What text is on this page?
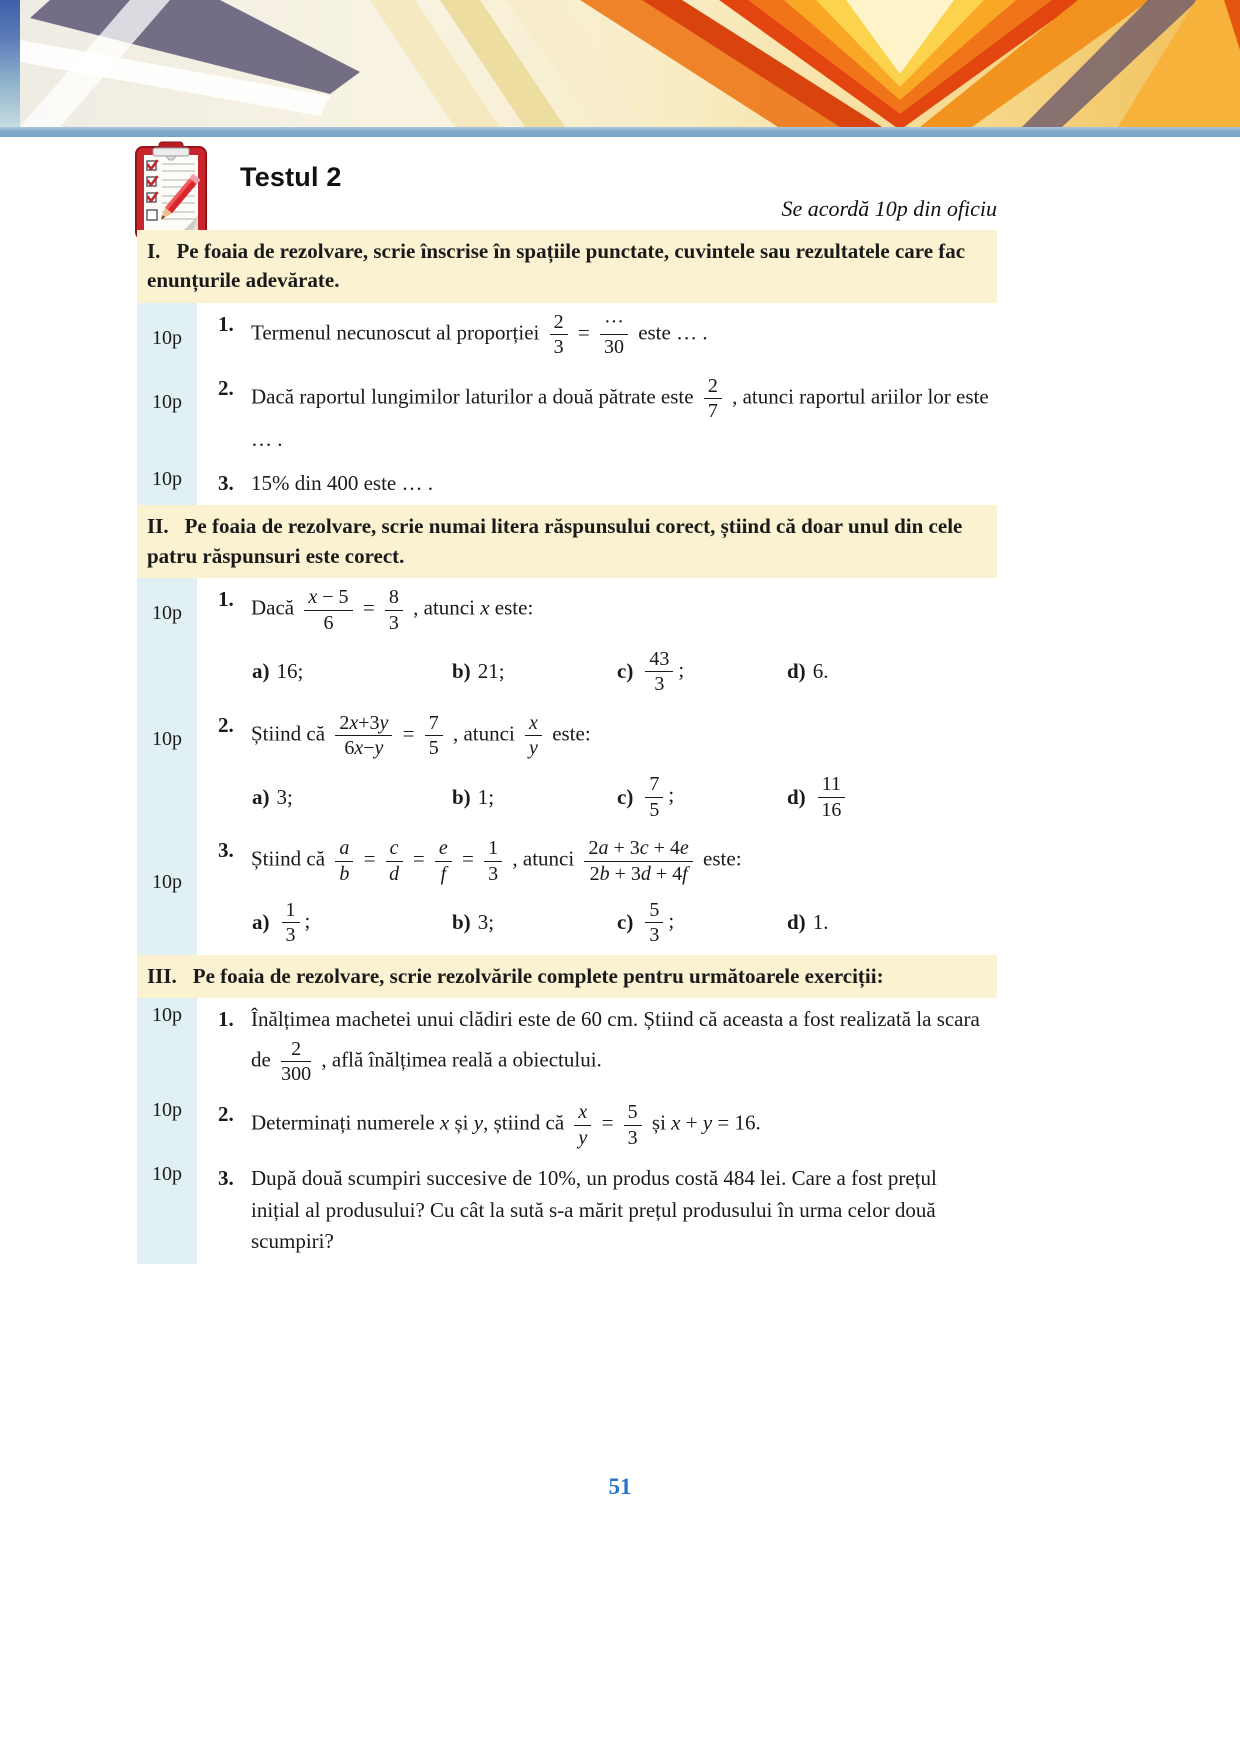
Testul 2
Se acordă 10p din oficiu
I. Pe foaia de rezolvare, scrie înscrise în spațiile punctate, cuvintele sau rezultatele care fac enunțurile adevărate.
10p
1. Termenul necunoscut al proporției $\frac{2}{3} = \frac{\cdot\cdot\cdot}{30}$ este … .
10p
2. Dacă raportul lungimilor laturilor a două pătrate este $\frac{2}{7}$ , atunci raportul ariilor lor este … .
10p	3. 15% din 400 este … .
II. Pe foaia de rezolvare, scrie numai litera răspunsului corect, știind că doar unul din cele patru răspunsuri este corect.
10p
1. Dacă $\frac{x - 5}{6} = \frac{8}{3}$ , atunci x este:
a) 16;	b) 21;	$c) \frac{43}{3}$ ;	d) 6.
10p
2. Știind că $\frac{2x+3y}{6x-y} = \frac{7}{5}$ , atunci $\frac{x}{y}$ este:
a) 3;	b) 1;	$c) \frac{7}{5}$ ;	$d) \frac{11}{16}$
10p
3. Știind că $\frac{a}{b} = \frac{c}{d} = \frac{e}{f} = \frac{1}{3}$ , atunci $\frac{2a + 3c + 4e}{2b + 3d + 4f}$ este:
$a) \frac{1}{3}$ ;	b) 3;	$c) \frac{5}{3}$ ;	d) 1.
III. Pe foaia de rezolvare, scrie rezolvările complete pentru următoarele exerciții:
10p	1. Înălțimea machetei unui clădiri este de 60 cm. Știind că aceasta a fost realizată la scara de $\frac{2}{300}$ , află înălțimea reală a obiectului.
10p	2. Determinați numerele x și y, știind că $\frac{x}{y} = \frac{5}{3}$ și x + y = 16.
10p	3. După două scumpiri succesive de 10%, un produs costă 484 lei. Care a fost prețul inițial al produsului? Cu cât la sută s-a mărit prețul produsului în urma celor două scumpiri?
51
